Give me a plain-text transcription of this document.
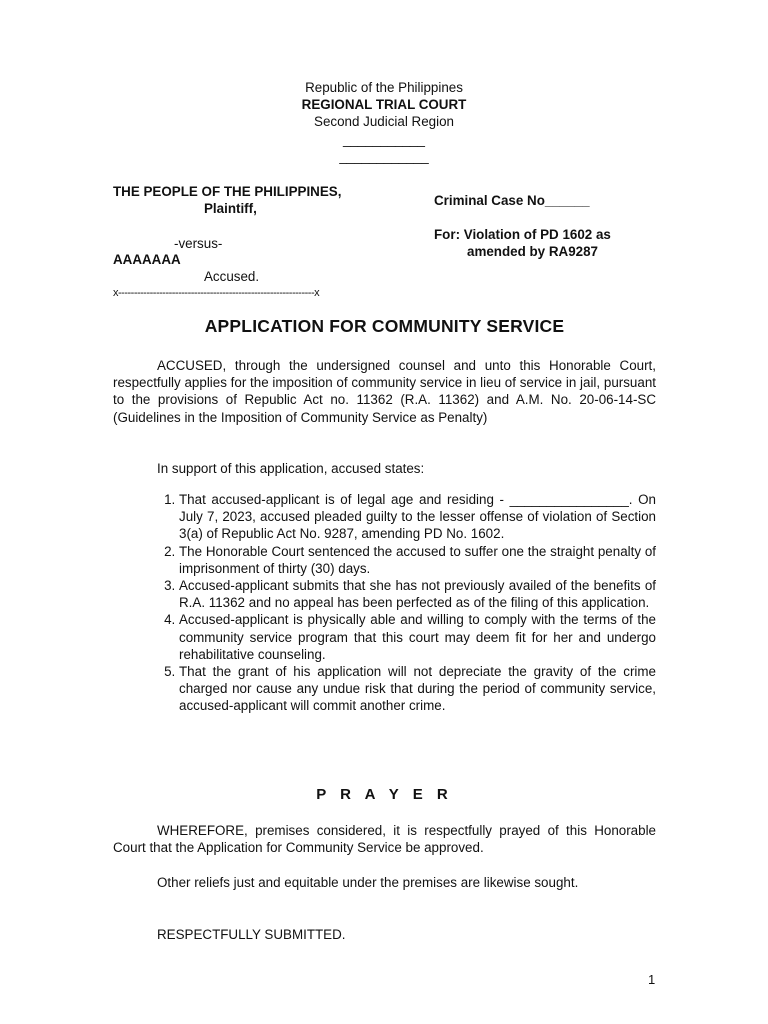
Republic of the Philippines
REGIONAL TRIAL COURT
Second Judicial Region
___________
____________
THE PEOPLE OF THE PHILIPPINES,
Plaintiff,
-versus-
AAAAAAA
Accused.
x--------------------------------------------------------------x
Criminal Case No______
For: Violation of PD 1602 as
amended by RA9287
APPLICATION FOR COMMUNITY SERVICE
ACCUSED, through the undersigned counsel and unto this Honorable Court, respectfully applies for the imposition of community service in lieu of service in jail, pursuant to the provisions of Republic Act no. 11362 (R.A. 11362) and A.M. No. 20-06-14-SC (Guidelines in the Imposition of Community Service as Penalty)
In support of this application, accused states:
1. That accused-applicant is of legal age and residing - ________________. On July 7, 2023, accused pleaded guilty to the lesser offense of violation of Section 3(a) of Republic Act No. 9287, amending PD No. 1602.
2. The Honorable Court sentenced the accused to suffer one the straight penalty of imprisonment of thirty (30) days.
3. Accused-applicant submits that she has not previously availed of the benefits of R.A. 11362 and no appeal has been perfected as of the filing of this application.
4. Accused-applicant is physically able and willing to comply with the terms of the community service program that this court may deem fit for her and undergo rehabilitative counseling.
5. That the grant of his application will not depreciate the gravity of the crime charged nor cause any undue risk that during the period of community service, accused-applicant will commit another crime.
P R A Y E R
WHEREFORE, premises considered, it is respectfully prayed of this Honorable Court that the Application for Community Service be approved.
Other reliefs just and equitable under the premises are likewise sought.
RESPECTFULLY SUBMITTED.
1
